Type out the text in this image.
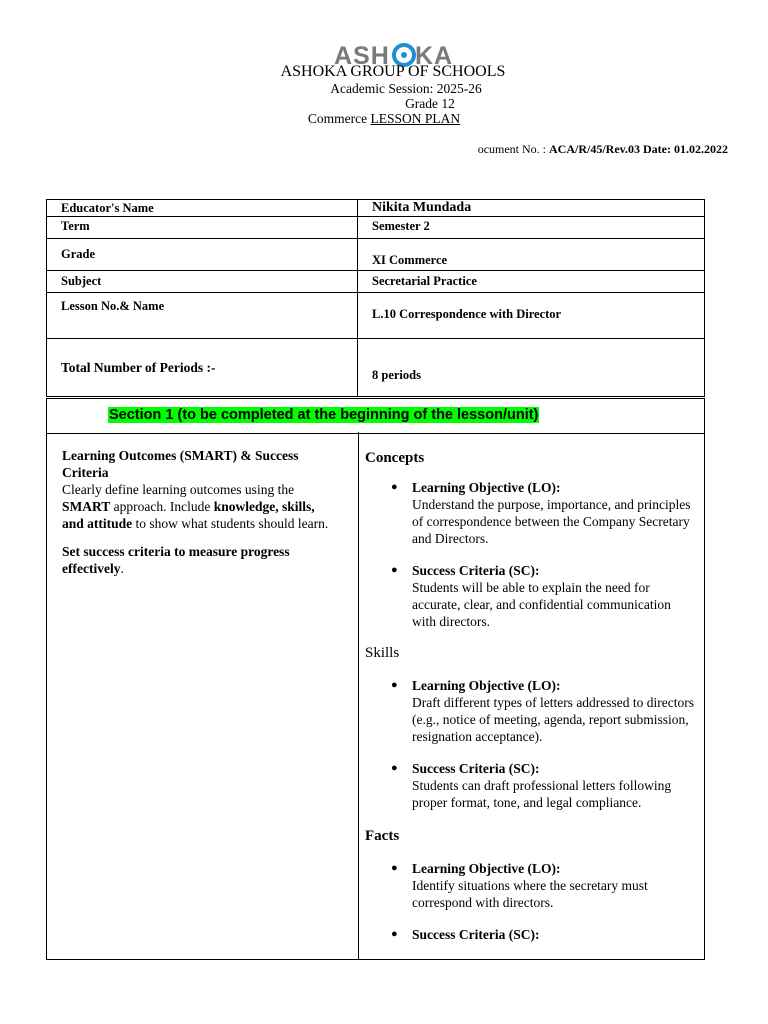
ASH KA
ASHOKA GROUP OF SCHOOLS
Academic Session: 2025-26
Grade 12
Commerce LESSON PLAN
ocument No. : ACA/R/45/Rev.03 Date: 01.02.2022
Educator's Name	Nikita Mundada
Term	Semester 2
Grade	XI Commerce
Subject	Secretarial Practice
Lesson No.& Name	L.10 Correspondence with Director
Total Number of Periods :-	8 periods
Section 1 (to be completed at the beginning of the lesson/unit)
Learning Outcomes (SMART) & Success Criteria

Clearly define learning outcomes using the SMART approach. Include knowledge, skills, and attitude to show what students should learn.

Set success criteria to measure progress effectively.

Concepts
● Learning Objective (LO):
Understand the purpose, importance, and principles of correspondence between the Company Secretary and Directors.
● Success Criteria (SC):
Students will be able to explain the need for accurate, clear, and confidential communication with directors.
Skills
● Learning Objective (LO):
Draft different types of letters addressed to directors (e.g., notice of meeting, agenda, report submission, resignation acceptance).
● Success Criteria (SC):
Students can draft professional letters following proper format, tone, and legal compliance.
Facts
● Learning Objective (LO):
Identify situations where the secretary must correspond with directors.
● Success Criteria (SC):
